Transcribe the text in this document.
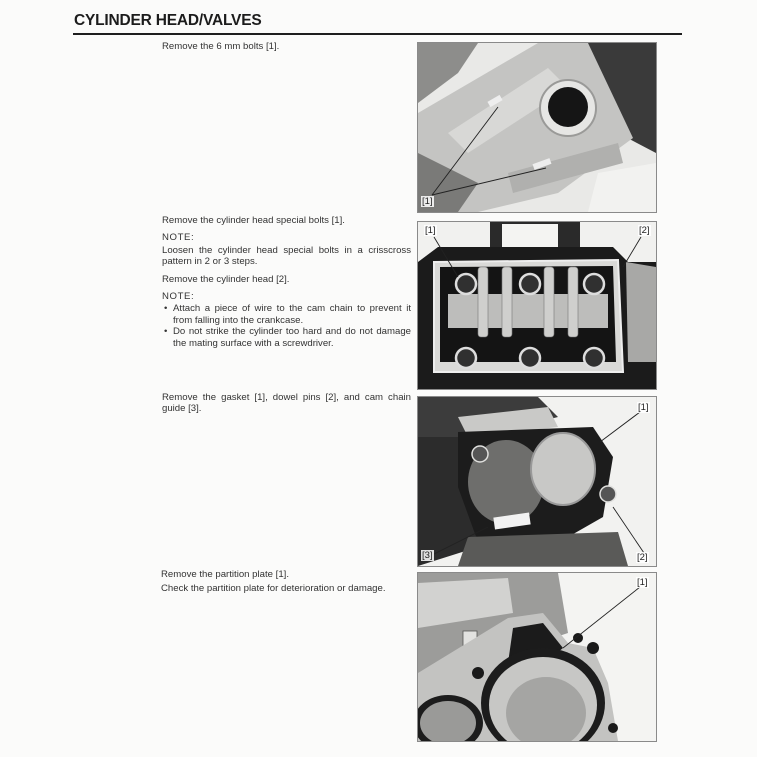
CYLINDER HEAD/VALVES

Remove the 6 mm bolts [1].

[1]

Remove the cylinder head special bolts [1].

NOTE:

Loosen the cylinder head special bolts in a crisscross pattern in 2 or 3 steps.

Remove the cylinder head [2].

NOTE:

• Attach a piece of wire to the cam chain to prevent it from falling into the crankcase.
• Do not strike the cylinder too hard and do not damage the mating surface with a screwdriver.
[1]	[2]

Remove the gasket [1], dowel pins [2], and cam chain guide [3].	[1]
[2]
[3]

Remove the partition plate [1].

Check the partition plate for deterioration or damage.

[1]
